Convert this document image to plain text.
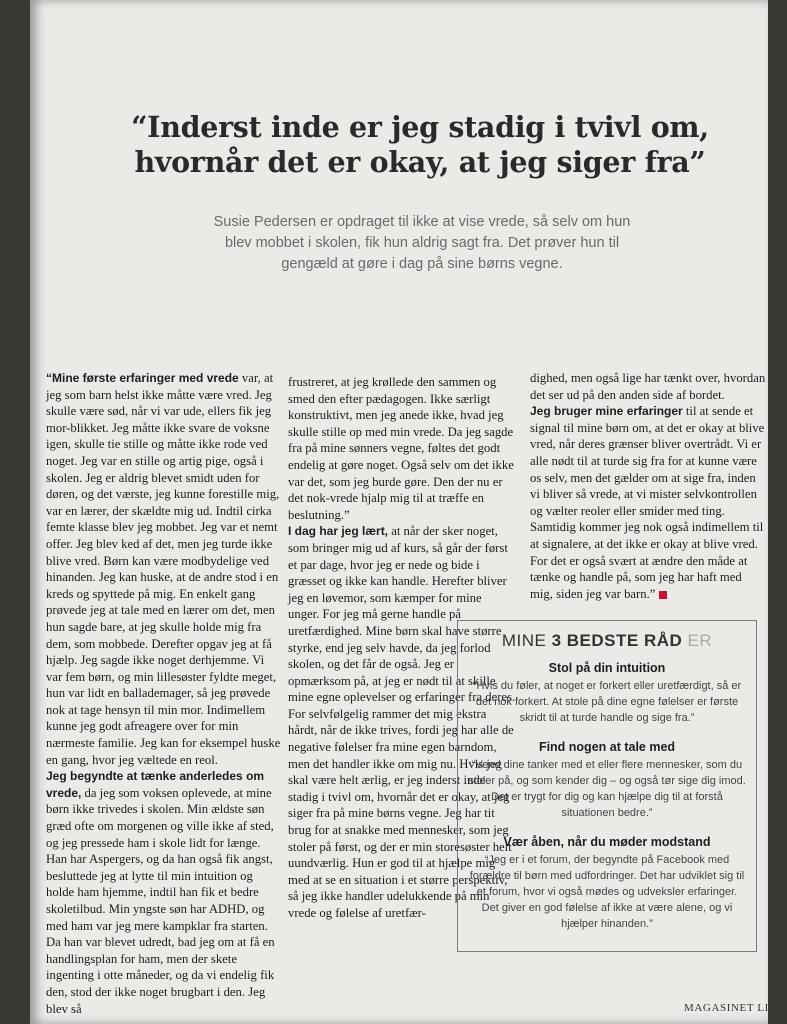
“Inderst inde er jeg stadig i tvivl om,
hvornår det er okay, at jeg siger fra”

Susie Pedersen er opdraget til ikke at vise vrede, så selv om hun blev mobbet i skolen, fik hun aldrig sagt fra. Det prøver hun til gengæld at gøre i dag på sine børns vegne.

“Mine første erfaringer med vrede var, at jeg som barn helst ikke måtte være vred. Jeg skulle være sød, når vi var ude, ellers fik jeg mor-blikket. Jeg måtte ikke svare de voksne igen, skulle tie stille og måtte ikke rode ved noget. Jeg var en stille og artig pige, også i skolen. Jeg er aldrig blevet smidt uden for døren, og det værste, jeg kunne forestille mig, var en lærer, der skældte mig ud. Indtil cirka femte klasse blev jeg mobbet. Jeg var et nemt offer. Jeg blev ked af det, men jeg turde ikke blive vred. Børn kan være modbydelige ved hinanden. Jeg kan huske, at de andre stod i en kreds og spyttede på mig. En enkelt gang prøvede jeg at tale med en lærer om det, men hun sagde bare, at jeg skulle holde mig fra dem, som mobbede. Derefter opgav jeg at få hjælp. Jeg sagde ikke noget derhjemme. Vi var fem børn, og min lillesøster fyldte meget, hun var lidt en ballademager, så jeg prøvede nok at tage hensyn til min mor. Indimellem kunne jeg godt afreagere over for min nærmeste familie. Jeg kan for eksempel huske en gang, hvor jeg væltede en reol.

Jeg begyndte at tænke anderledes om vrede, da jeg som voksen oplevede, at mine børn ikke trivedes i skolen. Min ældste søn græd ofte om morgenen og ville ikke af sted, og jeg pressede ham i skole lidt for længe. Han har Aspergers, og da han også fik angst, besluttede jeg at lytte til min intuition og holde ham hjemme, indtil han fik et bedre skoletilbud. Min yngste søn har ADHD, og med ham var jeg mere kampklar fra starten. Da han var blevet udredt, bad jeg om at få en handlingsplan for ham, men der skete ingenting i otte måneder, og da vi endelig fik den, stod der ikke noget brugbart i den. Jeg blev så

frustreret, at jeg krøllede den sammen og smed den efter pædagogen. Ikke særligt konstruktivt, men jeg anede ikke, hvad jeg skulle stille op med min vrede. Da jeg sagde fra på mine sønners vegne, føltes det godt endelig at gøre noget. Også selv om det ikke var det, som jeg burde gøre. Den der nu er det nok-vrede hjalp mig til at træffe en beslutning.”

I dag har jeg lært, at når der sker noget, som bringer mig ud af kurs, så går der først et par dage, hvor jeg er nede og bide i græsset og ikke kan handle. Herefter bliver jeg en løvemor, som kæmper for mine unger. For jeg må gerne handle på uretfærdighed. Mine børn skal have større styrke, end jeg selv havde, da jeg forlod skolen, og det får de også. Jeg er opmærksom på, at jeg er nødt til at skille mine egne oplevelser og erfaringer fra deres. For selvfølgelig rammer det mig ekstra hårdt, når de ikke trives, fordi jeg har alle de negative følelser fra mine egen barndom, men det handler ikke om mig nu. Hvis jeg skal være helt ærlig, er jeg inderst inde stadig i tvivl om, hvornår det er okay, at jeg siger fra på mine børns vegne. Jeg har tit brug for at snakke med mennesker, som jeg stoler på først, og der er min storesøster helt uundværlig. Hun er god til at hjælpe mig med at se en situation i et større perspektiv, så jeg ikke handler udelukkende på min vrede og følelse af uretfær-

dighed, men også lige har tænkt over, hvordan det ser ud på den anden side af bordet.

Jeg bruger mine erfaringer til at sende et signal til mine børn om, at det er okay at blive vred, når deres grænser bliver overtrådt. Vi er alle nødt til at turde sig fra for at kunne være os selv, men det gælder om at sige fra, inden vi bliver så vrede, at vi mister selvkontrollen og vælter reoler eller smider med ting. Samtidig kommer jeg nok også indimellem til at signalere, at det ikke er okay at blive vred. For det er også svært at ændre den måde at tænke og handle på, som jeg har haft med mig, siden jeg var barn.”

MINE 3 BEDSTE RÅD ER
Stol på din intuition
“Hvis du føler, at noget er forkert eller uretfærdigt, så er det nok forkert. At stole på dine egne følelser er første skridt til at turde handle og sige fra.”
Find nogen at tale med
“Vend dine tanker med et eller flere mennesker, som du stoler på, og som kender dig – og også tør sige dig imod. Det er trygt for dig og kan hjælpe dig til at forstå situationen bedre.”
Vær åben, når du møder modstand
“Jeg er i et forum, der begyndte på Facebook med forældre til børn med udfordringer. Det har udviklet sig til et forum, hvor vi også mødes og udveksler erfaringer. Det giver en god følelse af ikke at være alene, og vi hjælper hinanden.”
MAGASINET LIV 3
